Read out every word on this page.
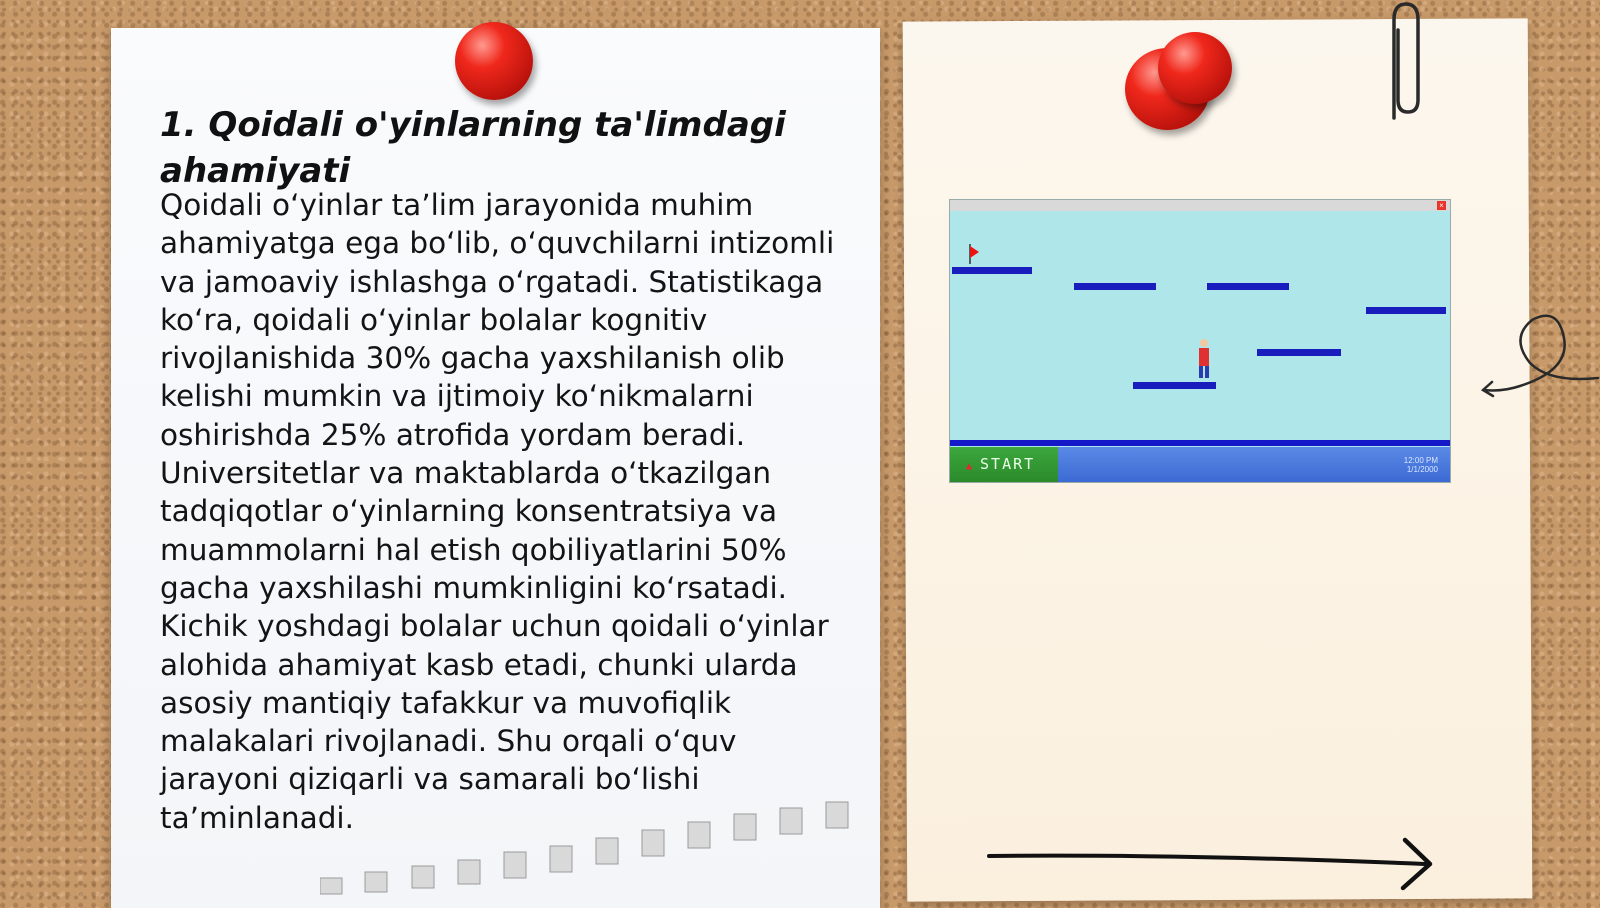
1. Qoidali o'yinlarning ta'limdagi ahamiyati
Qoidali o‘yinlar ta’lim jarayonida muhim ahamiyatga ega bo‘lib, o‘quvchilarni intizomli va jamoaviy ishlashga o‘rgatadi. Statistikaga ko‘ra, qoidali o‘yinlar bolalar kognitiv rivojlanishida 30% gacha yaxshilanish olib kelishi mumkin va ijtimoiy ko‘nikmalarni oshirishda 25% atrofida yordam beradi. Universitetlar va maktablarda o‘tkazilgan tadqiqotlar o‘yinlarning konsentratsiya va muammolarni hal etish qobiliyatlarini 50% gacha yaxshilashi mumkinligini ko‘rsatadi. Kichik yoshdagi bolalar uchun qoidali o‘yinlar alohida ahamiyat kasb etadi, chunki ularda asosiy mantiqiy tafakkur va muvofiqlik malakalari rivojlanadi. Shu orqali o‘quv jarayoni qiziqarli va samarali bo‘lishi ta’minlanadi.
×
▲ START	12:00 PM
1/1/2000
